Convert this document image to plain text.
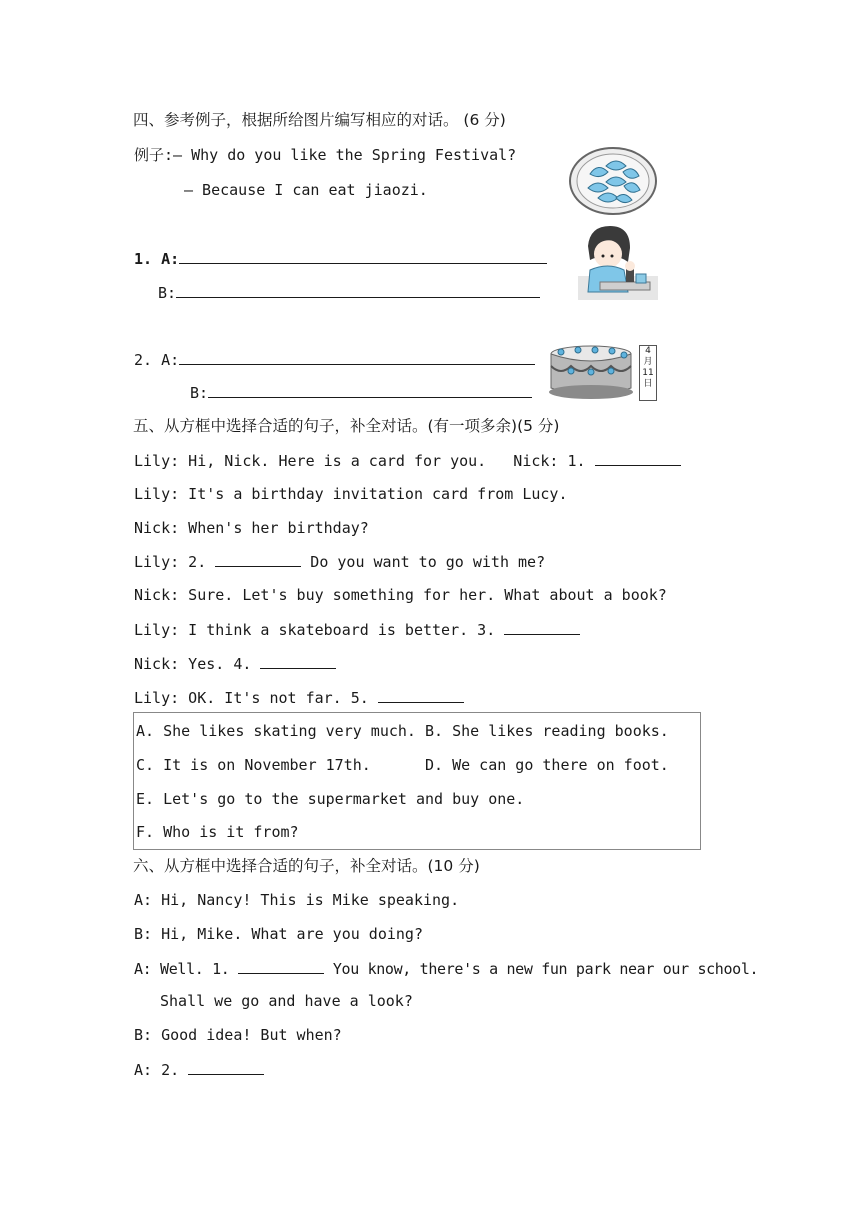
四、参考例子，根据所给图片编写相应的对话。 (6 分)
例子:— Why do you like the Spring Festival?
— Because I can eat jiaozi.
1. A:
B:
2. A:
B:
4
月
11
日
五、从方框中选择合适的句子，补全对话。(有一项多余)(5 分)
Lily: Hi, Nick. Here is a card for you.   Nick: 1.
Lily: It's a birthday invitation card from Lucy.
Nick: When's her birthday?
Lily: 2.	Do you want to go with me?
Nick: Sure. Let's buy something for her. What about a book?
Lily: I think a skateboard is better. 3.
Nick: Yes. 4.
Lily: OK. It's not far. 5.
A. She likes skating very much. B. She likes reading books.
C. It is on November 17th.      D. We can go there on foot.
E. Let's go to the supermarket and buy one.
F. Who is it from?
六、从方框中选择合适的句子，补全对话。(10 分)
A: Hi, Nancy! This is Mike speaking.
B: Hi, Mike. What are you doing?
A: Well. 1.	You know, there's a new fun park near our school.
Shall we go and have a look?
B: Good idea! But when?
A: 2.
